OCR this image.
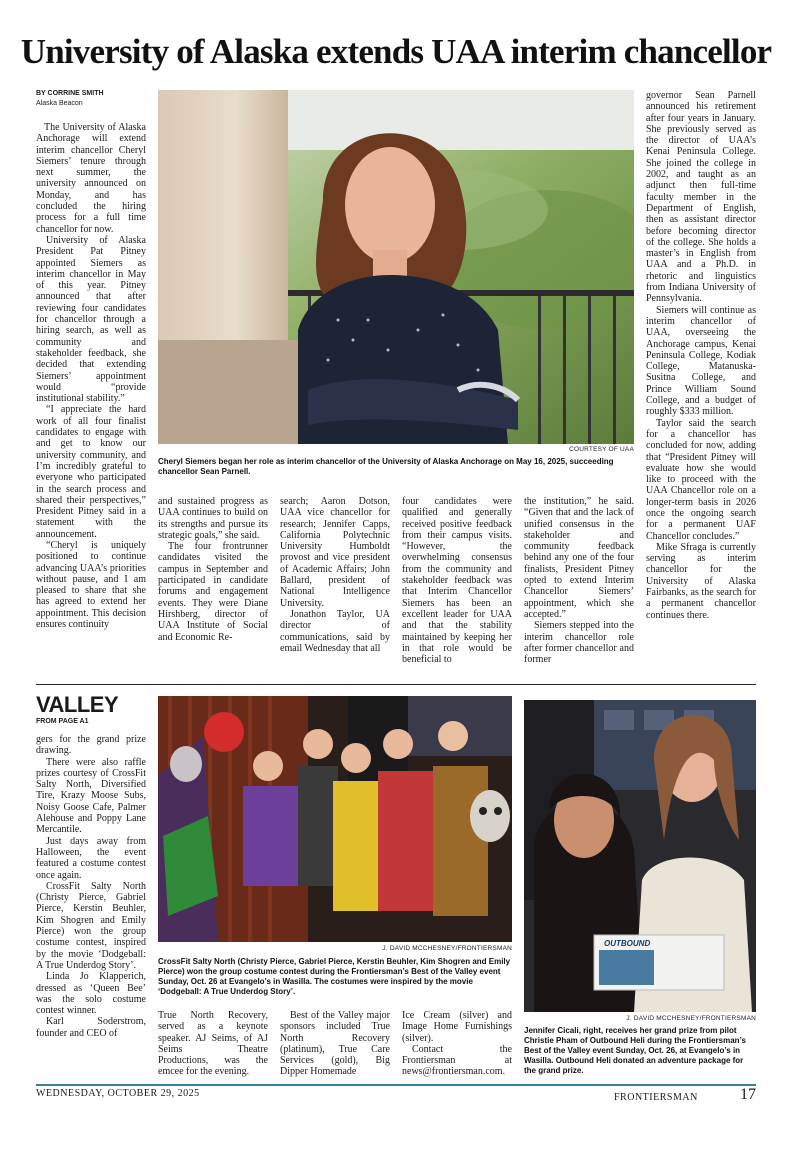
University of Alaska extends UAA interim chancellor
BY CORRINE SMITH
Alaska Beacon
COURTESY OF UAA
Cheryl Siemers began her role as interim chancellor of the University of Alaska Anchorage on May 16, 2025, succeeding chancellor Sean Parnell.

The University of Alaska Anchorage will extend interim chancellor Cheryl Siemers’ tenure through next summer, the university announced on Monday, and has concluded the hiring process for a full time chancellor for now.

University of Alaska President Pat Pitney appointed Siemers as interim chancellor in May of this year. Pitney announced that after reviewing four candidates for chancellor through a hiring search, as well as community and stakeholder feedback, she decided that extending Siemers’ appointment would “provide institutional stability.”

“I appreciate the hard work of all four finalist candidates to engage with and get to know our university community, and I’m incredibly grateful to everyone who participated in the search process and shared their perspectives,” President Pitney said in a statement with the announcement.

“Cheryl is uniquely positioned to continue advancing UAA’s priorities without pause, and I am pleased to share that she has agreed to extend her appointment. This decision ensures continuity

and sustained progress as UAA continues to build on its strengths and pursue its strategic goals,” she said.

The four frontrunner candidates visited the campus in September and participated in candidate forums and engagement events. They were Diane Hirshberg, director of UAA Institute of Social and Economic Re-

search; Aaron Dotson, UAA vice chancellor for research; Jennifer Capps, California Polytechnic University Humboldt provost and vice president of Academic Affairs; John Ballard, president of National Intelligence University.

Jonathon Taylor, UA director of communications, said by email Wednesday that all

four candidates were qualified and generally received positive feedback from their campus visits. “However, the overwhelming consensus from the community and stakeholder feedback was that Interim Chancellor Siemers has been an excellent leader for UAA and that the stability maintained by keeping her in that role would be beneficial to

the institution,” he said. “Given that and the lack of unified consensus in the stakeholder and community feedback behind any one of the four finalists, President Pitney opted to extend Interim Chancellor Siemers’ appointment, which she accepted.”

Siemers stepped into the interim chancellor role after former chancellor and former

governor Sean Parnell announced his retirement after four years in January. She previously served as the director of UAA’s Kenai Peninsula College. She joined the college in 2002, and taught as an adjunct then full-time faculty member in the Department of English, then as assistant director before becoming director of the college. She holds a master’s in English from UAA and a Ph.D. in rhetoric and linguistics from Indiana University of Pennsylvania.

Siemers will continue as interim chancellor of UAA, overseeing the Anchorage campus, Kenai Peninsula College, Kodiak College, Matanuska-Susitna College, and Prince William Sound College, and a budget of roughly $333 million.

Taylor said the search for a chancellor has concluded for now, adding that “President Pitney will evaluate how she would like to proceed with the UAA Chancellor role on a longer-term basis in 2026 once the ongoing search for a permanent UAF Chancellor concludes.”

Mike Sfraga is currently serving as interim chancellor for the University of Alaska Fairbanks, as the search for a permanent chancellor continues there.

VALLEY
FROM PAGE A1

gers for the grand prize drawing.

There were also raffle prizes courtesy of CrossFit Salty North, Diversified Tire, Krazy Moose Subs, Noisy Goose Cafe, Palmer Alehouse and Poppy Lane Mercantile.

Just days away from Halloween, the event featured a costume contest once again.

CrossFit Salty North (Christy Pierce, Gabriel Pierce, Kerstin Beuhler, Kim Shogren and Emily Pierce) won the group costume contest, inspired by the movie ‘Dodgeball: A True Underdog Story’.

Linda Jo Klapperich, dressed as ‘Queen Bee’ was the solo costume contest winner.

Karl Soderstrom, founder and CEO of

J. DAVID MCCHESNEY/FRONTIERSMAN
CrossFit Salty North (Christy Pierce, Gabriel Pierce, Kerstin Beuhler, Kim Shogren and Emily Pierce) won the group costume contest during the Frontiersman’s Best of the Valley event Sunday, Oct. 26 at Evangelo’s in Wasilla. The costumes were inspired by the movie ‘Dodgeball: A True Underdog Story’.

True North Recovery, served as a keynote speaker. AJ Seims, of AJ Seims Theatre Productions, was the emcee for the evening.

Best of the Valley major sponsors included True North Recovery (platinum), True Care Services (gold), Big Dipper Homemade

Ice Cream (silver) and Image Home Furnishings (silver).

Contact the Frontiersman at news@frontiersman.com.

OUTBOUND
J. DAVID MCCHESNEY/FRONTIERSMAN
Jennifer Cicali, right, receives her grand prize from pilot Christie Pham of Outbound Heli during the Frontiersman’s Best of the Valley event Sunday, Oct. 26, at Evangelo’s in Wasilla. Outbound Heli donated an adventure package for the grand prize.
WEDNESDAY, OCTOBER 29, 2025	FRONTIERSMAN	17
